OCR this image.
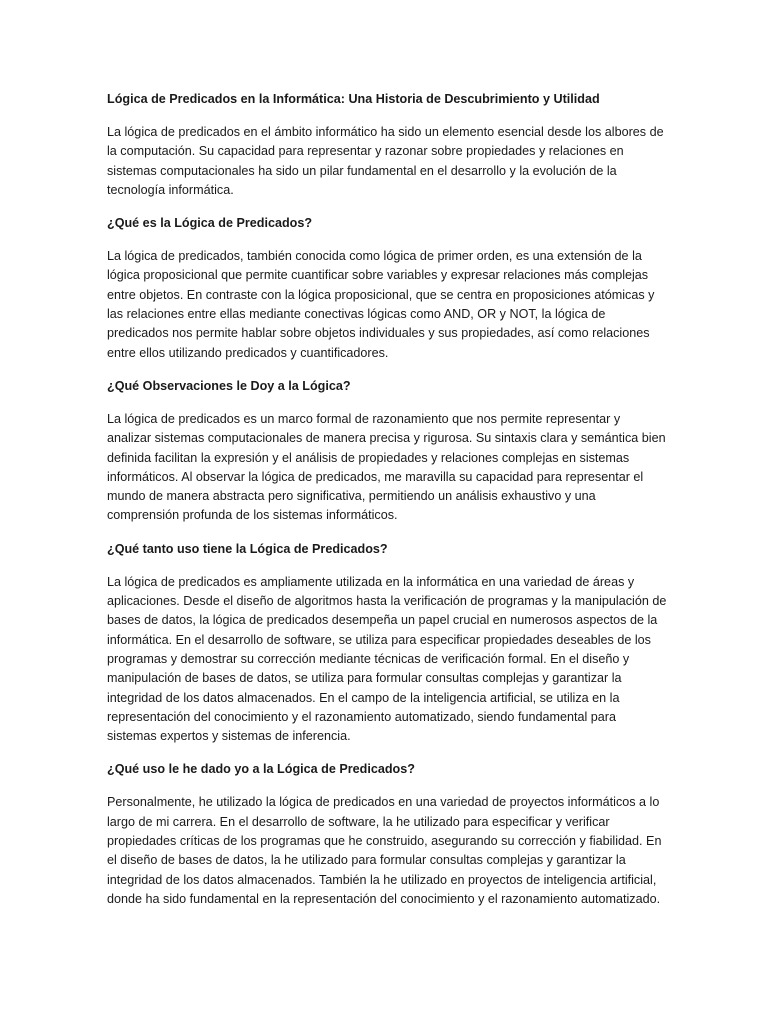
Lógica de Predicados en la Informática: Una Historia de Descubrimiento y Utilidad

La lógica de predicados en el ámbito informático ha sido un elemento esencial desde los albores de la computación. Su capacidad para representar y razonar sobre propiedades y relaciones en sistemas computacionales ha sido un pilar fundamental en el desarrollo y la evolución de la tecnología informática.

¿Qué es la Lógica de Predicados?

La lógica de predicados, también conocida como lógica de primer orden, es una extensión de la lógica proposicional que permite cuantificar sobre variables y expresar relaciones más complejas entre objetos. En contraste con la lógica proposicional, que se centra en proposiciones atómicas y las relaciones entre ellas mediante conectivas lógicas como AND, OR y NOT, la lógica de predicados nos permite hablar sobre objetos individuales y sus propiedades, así como relaciones entre ellos utilizando predicados y cuantificadores.

¿Qué Observaciones le Doy a la Lógica?

La lógica de predicados es un marco formal de razonamiento que nos permite representar y analizar sistemas computacionales de manera precisa y rigurosa. Su sintaxis clara y semántica bien definida facilitan la expresión y el análisis de propiedades y relaciones complejas en sistemas informáticos. Al observar la lógica de predicados, me maravilla su capacidad para representar el mundo de manera abstracta pero significativa, permitiendo un análisis exhaustivo y una comprensión profunda de los sistemas informáticos.

¿Qué tanto uso tiene la Lógica de Predicados?

La lógica de predicados es ampliamente utilizada en la informática en una variedad de áreas y aplicaciones. Desde el diseño de algoritmos hasta la verificación de programas y la manipulación de bases de datos, la lógica de predicados desempeña un papel crucial en numerosos aspectos de la informática. En el desarrollo de software, se utiliza para especificar propiedades deseables de los programas y demostrar su corrección mediante técnicas de verificación formal. En el diseño y manipulación de bases de datos, se utiliza para formular consultas complejas y garantizar la integridad de los datos almacenados. En el campo de la inteligencia artificial, se utiliza en la representación del conocimiento y el razonamiento automatizado, siendo fundamental para sistemas expertos y sistemas de inferencia.

¿Qué uso le he dado yo a la Lógica de Predicados?

Personalmente, he utilizado la lógica de predicados en una variedad de proyectos informáticos a lo largo de mi carrera. En el desarrollo de software, la he utilizado para especificar y verificar propiedades críticas de los programas que he construido, asegurando su corrección y fiabilidad. En el diseño de bases de datos, la he utilizado para formular consultas complejas y garantizar la integridad de los datos almacenados. También la he utilizado en proyectos de inteligencia artificial, donde ha sido fundamental en la representación del conocimiento y el razonamiento automatizado.
